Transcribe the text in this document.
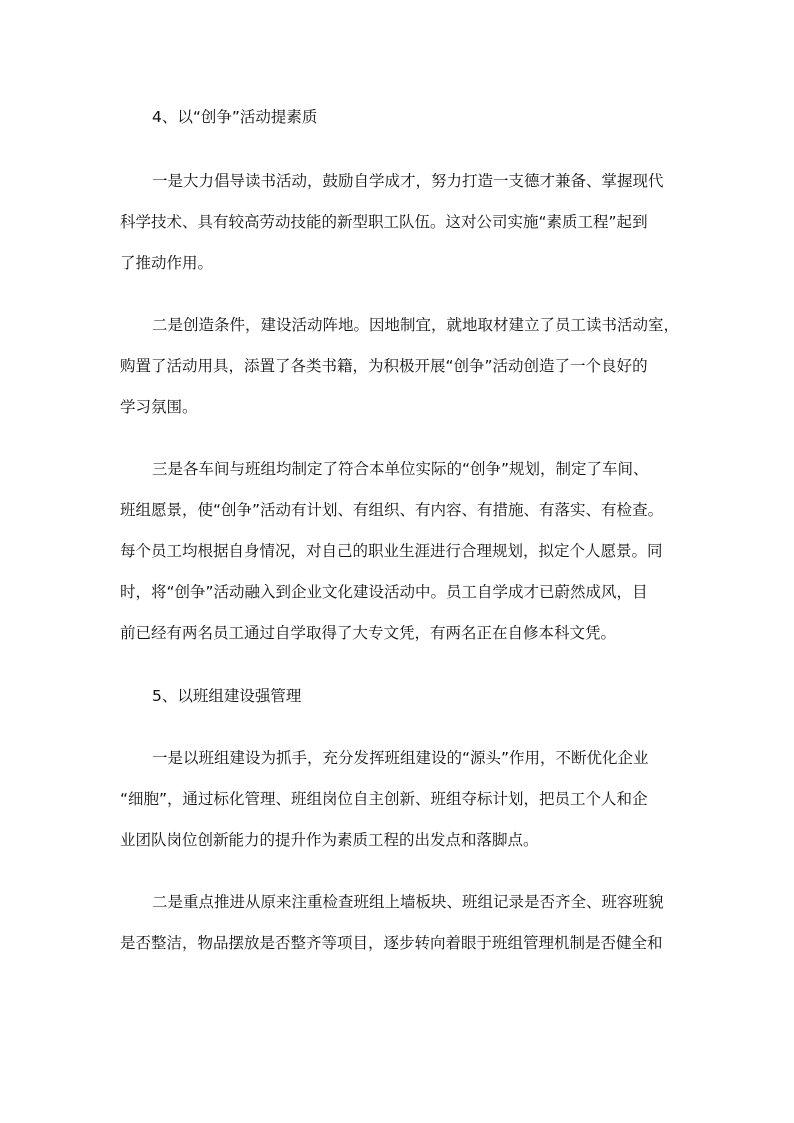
4、以“创争”活动提素质
一是大力倡导读书活动，鼓励自学成才，努力打造一支德才兼备、掌握现代
科学技术、具有较高劳动技能的新型职工队伍。这对公司实施“素质工程”起到
了推动作用。
二是创造条件，建设活动阵地。因地制宜，就地取材建立了员工读书活动室，
购置了活动用具，添置了各类书籍，为积极开展“创争”活动创造了一个良好的
学习氛围。
三是各车间与班组均制定了符合本单位实际的“创争”规划，制定了车间、
班组愿景，使“创争”活动有计划、有组织、有内容、有措施、有落实、有检查。
每个员工均根据自身情况，对自己的职业生涯进行合理规划，拟定个人愿景。同
时，将“创争”活动融入到企业文化建设活动中。员工自学成才已蔚然成风，目
前已经有两名员工通过自学取得了大专文凭，有两名正在自修本科文凭。
5、以班组建设强管理
一是以班组建设为抓手，充分发挥班组建设的“源头”作用，不断优化企业
“细胞”，通过标化管理、班组岗位自主创新、班组夺标计划，把员工个人和企
业团队岗位创新能力的提升作为素质工程的出发点和落脚点。
二是重点推进从原来注重检查班组上墙板块、班组记录是否齐全、班容班貌
是否整洁，物品摆放是否整齐等项目，逐步转向着眼于班组管理机制是否健全和
